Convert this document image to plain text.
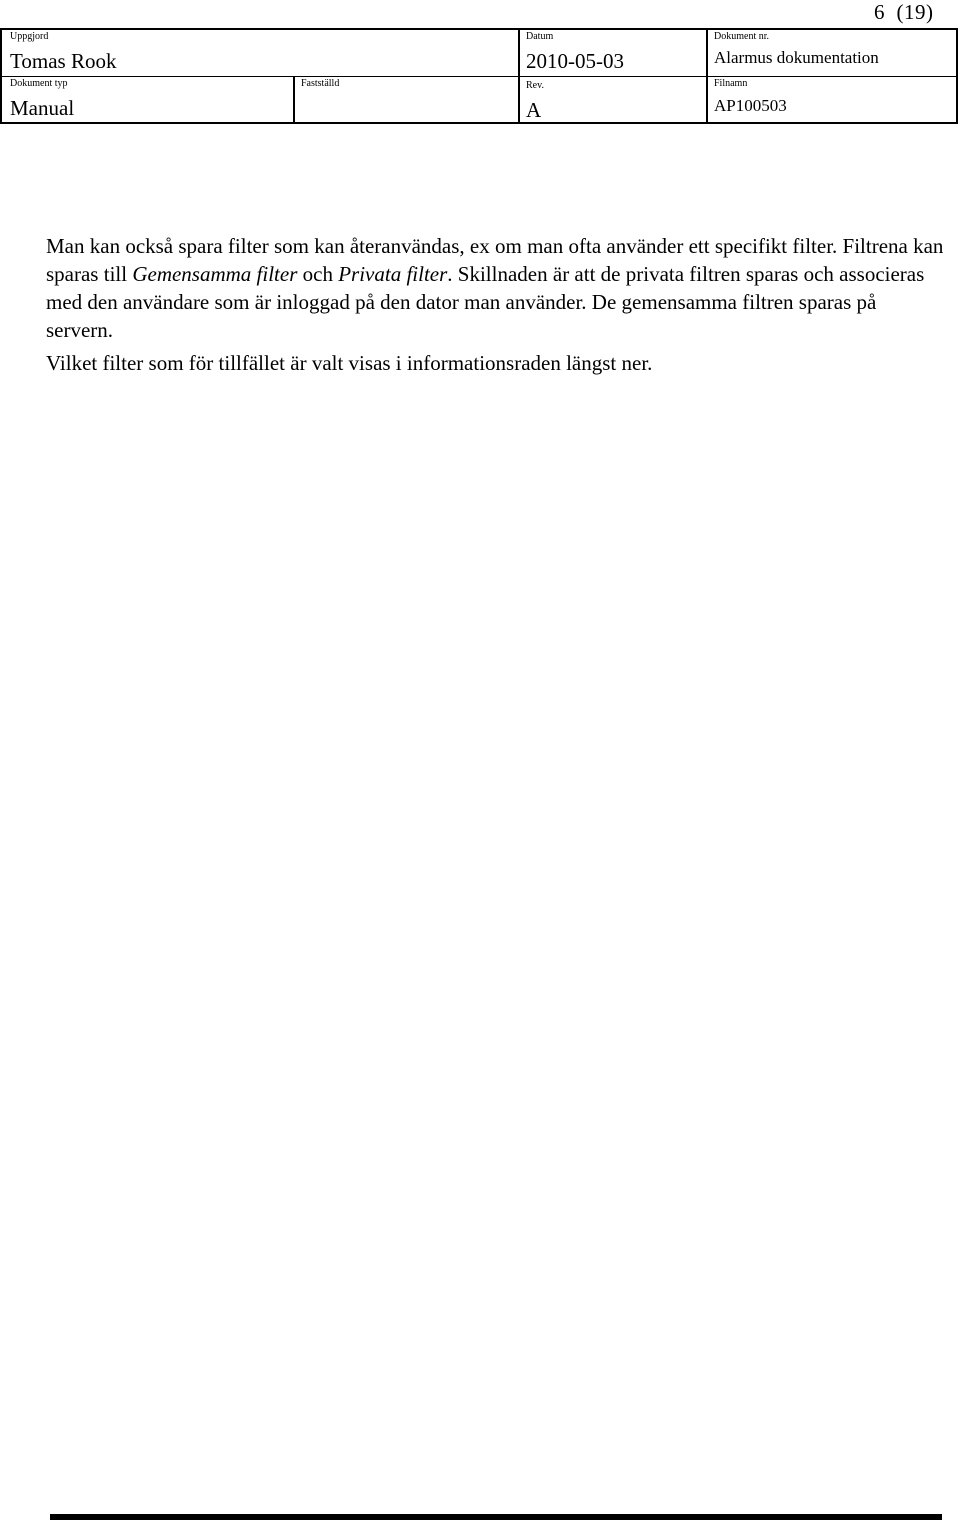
6 (19)
Uppgjord
Tomas Rook
Datum
2010-05-03
Dokument nr.
Alarmus dokumentation
Dokument typ
Manual
Fastställd	Rev.
A
Filnamn
AP100503

Man kan också spara filter som kan återanvändas, ex om man ofta använder ett specifikt filter. Filtrena kan sparas till Gemensamma filter och Privata filter. Skillnaden är att de privata filtren sparas och associeras med den användare som är inloggad på den dator man använder. De gemensamma filtren sparas på servern.

Vilket filter som för tillfället är valt visas i informationsraden längst ner.
